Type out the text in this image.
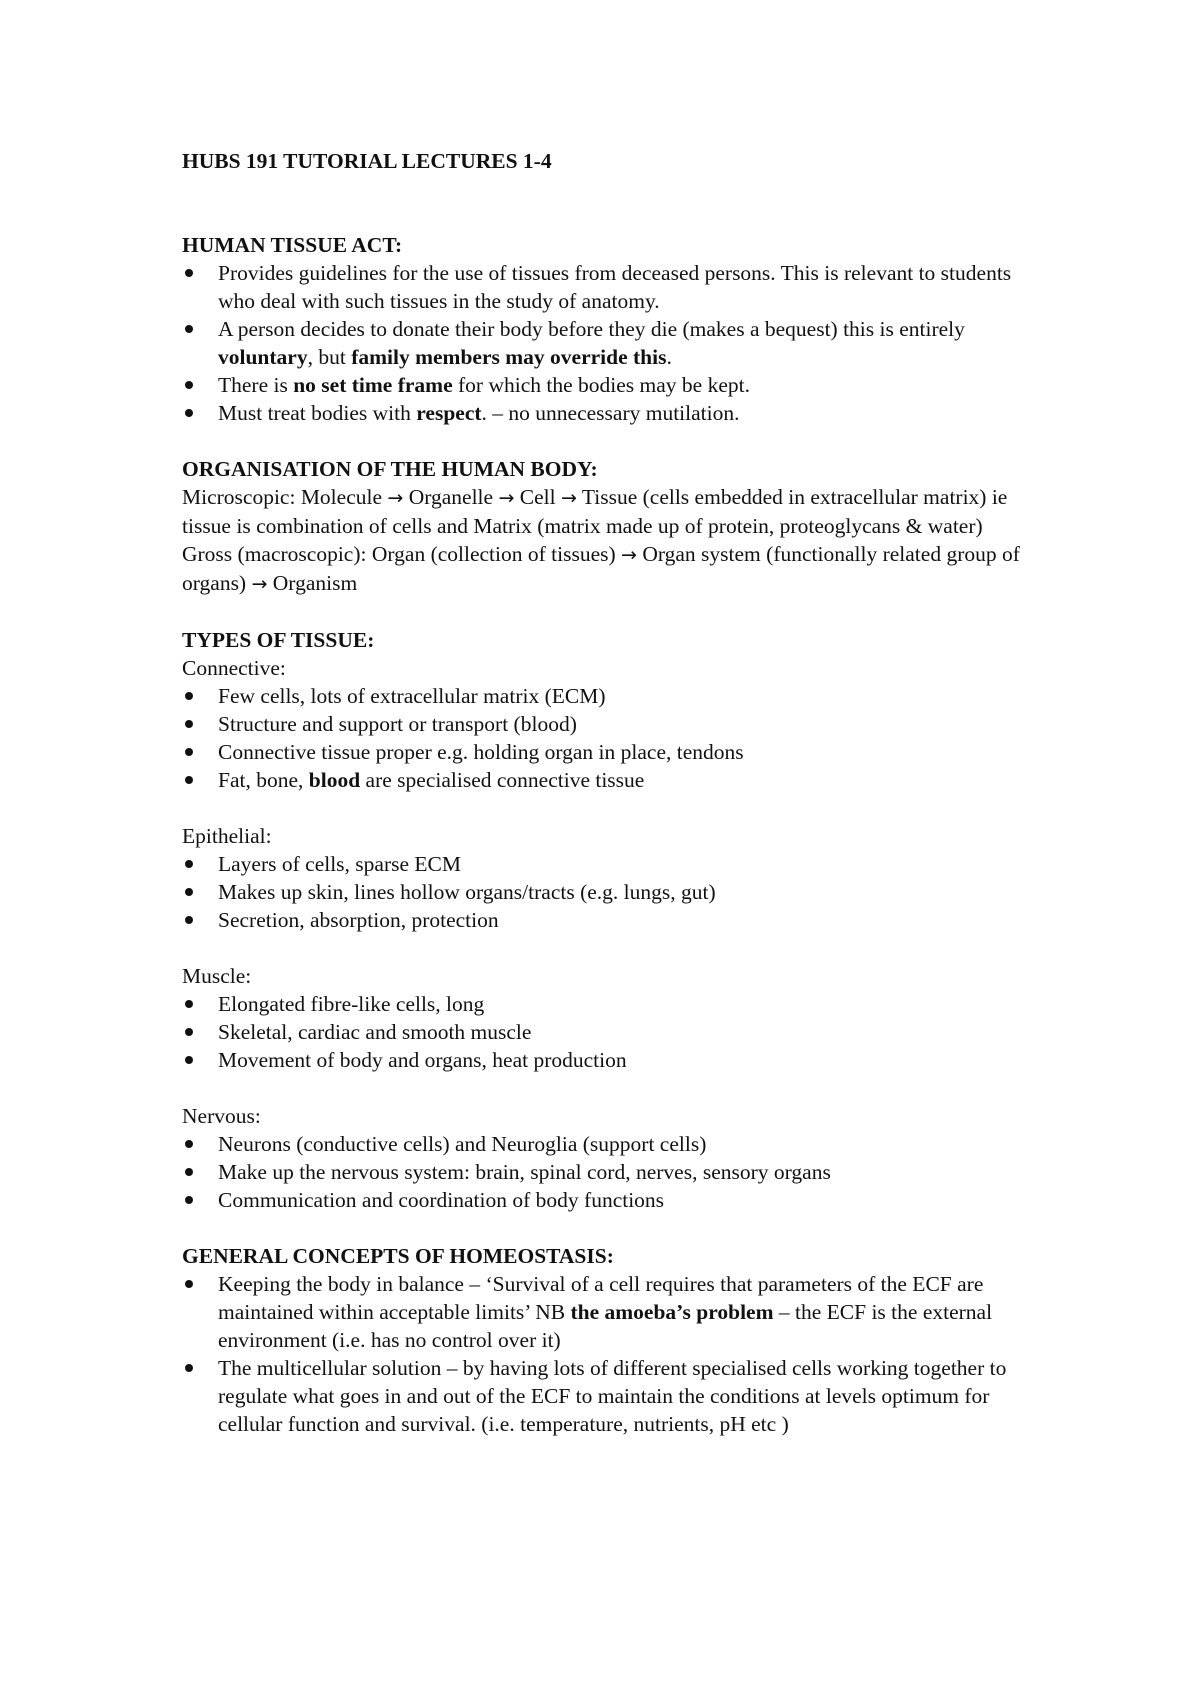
HUBS 191 TUTORIAL LECTURES 1-4

HUMAN TISSUE ACT:

Provides guidelines for the use of tissues from deceased persons. This is relevant to students who deal with such tissues in the study of anatomy.
A person decides to donate their body before they die (makes a bequest) this is entirely voluntary, but family members may override this.
There is no set time frame for which the bodies may be kept.
Must treat bodies with respect. – no unnecessary mutilation.

ORGANISATION OF THE HUMAN BODY:

Microscopic: Molecule → Organelle → Cell → Tissue (cells embedded in extracellular matrix) ie tissue is combination of cells and Matrix (matrix made up of protein, proteoglycans & water)

Gross (macroscopic): Organ (collection of tissues) → Organ system (functionally related group of organs) → Organism

TYPES OF TISSUE:

Connective:

Few cells, lots of extracellular matrix (ECM)
Structure and support or transport (blood)
Connective tissue proper e.g. holding organ in place, tendons
Fat, bone, blood are specialised connective tissue

Epithelial:

Layers of cells, sparse ECM
Makes up skin, lines hollow organs/tracts (e.g. lungs, gut)
Secretion, absorption, protection

Muscle:

Elongated fibre-like cells, long
Skeletal, cardiac and smooth muscle
Movement of body and organs, heat production

Nervous:

Neurons (conductive cells) and Neuroglia (support cells)
Make up the nervous system: brain, spinal cord, nerves, sensory organs
Communication and coordination of body functions

GENERAL CONCEPTS OF HOMEOSTASIS:

Keeping the body in balance – ‘Survival of a cell requires that parameters of the ECF are maintained within acceptable limits’ NB the amoeba’s problem – the ECF is the external environment (i.e. has no control over it)
The multicellular solution – by having lots of different specialised cells working together to regulate what goes in and out of the ECF to maintain the conditions at levels optimum for cellular function and survival. (i.e. temperature, nutrients, pH etc )
